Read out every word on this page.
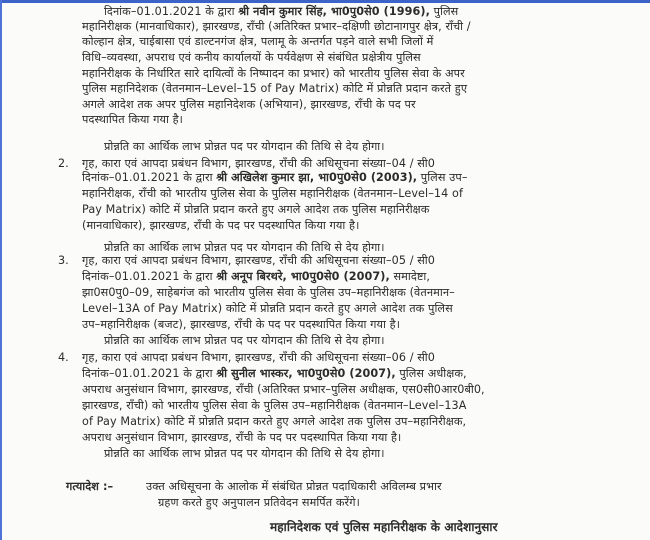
दिनांक–01.01.2021 के द्वारा श्री नवीन कुमार सिंह, भा0पु0से0 (1996), पुलिस
महानिरीक्षक (मानवाधिकार), झारखण्ड, राँची (अतिरिक्त प्रभार–दक्षिणी छोटानागपुर क्षेत्र, राँची /
कोल्हान क्षेत्र, चाईबासा एवं डाल्टनगंज क्षेत्र, पलामू के अन्तर्गत पड़ने वाले सभी जिलों में
विधि–व्यवस्था, अपराध एवं कनीय कार्यालयों के पर्यवेक्षण से संबंधित प्रक्षेत्रीय पुलिस
महानिरीक्षक के निर्धारित सारे दायित्वों के निष्पादन का प्रभार) को भारतीय पुलिस सेवा के अपर
पुलिस महानिदेशक (वेतनमान–Level–15 of Pay Matrix) कोटि में प्रोन्नति प्रदान करते हुए
अगले आदेश तक अपर पुलिस महानिदेशक (अभियान), झारखण्ड, राँची के पद पर
पदस्थापित किया गया है।
प्रोन्नति का आर्थिक लाभ प्रोन्नत पद पर योगदान की तिथि से देय होगा।
2. गृह, कारा एवं आपदा प्रबंधन विभाग, झारखण्ड, राँची की अधिसूचना संख्या–04 / सी0
दिनांक–01.01.2021 के द्वारा श्री अखिलेश कुमार झा, भा0पु0से0 (2003), पुलिस उप–
महानिरीक्षक, राँची को भारतीय पुलिस सेवा के पुलिस महानिरीक्षक (वेतनमान–Level–14 of
Pay Matrix) कोटि में प्रोन्नति प्रदान करते हुए अगले आदेश तक पुलिस महानिरीक्षक
(मानवाधिकार), झारखण्ड, राँची के पद पर पदस्थापित किया गया है।
प्रोन्नति का आर्थिक लाभ प्रोन्नत पद पर योगदान की तिथि से देय होगा।
3. गृह, कारा एवं आपदा प्रबंधन विभाग, झारखण्ड, राँची की अधिसूचना संख्या–05 / सी0
दिनांक–01.01.2021 के द्वारा श्री अनूप बिरथरे, भा0पु0से0 (2007), समादेष्टा,
झा0स0पु0–09, साहेबगंज को भारतीय पुलिस सेवा के पुलिस उप–महानिरीक्षक (वेतनमान–
Level–13A of Pay Matrix) कोटि में प्रोन्नति प्रदान करते हुए अगले आदेश तक पुलिस
उप–महानिरीक्षक (बजट), झारखण्ड, राँची के पद पर पदस्थापित किया गया है।
प्रोन्नति का आर्थिक लाभ प्रोन्नत पद पर योगदान की तिथि से देय होगा।
4. गृह, कारा एवं आपदा प्रबंधन विभाग, झारखण्ड, राँची की अधिसूचना संख्या–06 / सी0
दिनांक–01.01.2021 के द्वारा श्री सुनील भास्कर, भा0पु0से0 (2007), पुलिस अधीक्षक,
अपराध अनुसंधान विभाग, झारखण्ड, राँची (अतिरिक्त प्रभार–पुलिस अधीक्षक, एस0सी0आर0बी0,
झारखण्ड, राँची) को भारतीय पुलिस सेवा के पुलिस उप–महानिरीक्षक (वेतनमान–Level–13A
of Pay Matrix) कोटि में प्रोन्नति प्रदान करते हुए अगले आदेश तक पुलिस उप–महानिरीक्षक,
अपराध अनुसंधान विभाग, झारखण्ड, राँची के पद पर पदस्थापित किया गया है।
प्रोन्नति का आर्थिक लाभ प्रोन्नत पद पर योगदान की तिथि से देय होगा।
गत्यादेश :–	उक्त अधिसूचना के आलोक में संबंधित प्रोन्नत पदाधिकारी अविलम्ब प्रभार
ग्रहण करते हुए अनुपालन प्रतिवेदन समर्पित करेंगे।
महानिदेशक एवं पुलिस महानिरीक्षक के आदेशानुसार
